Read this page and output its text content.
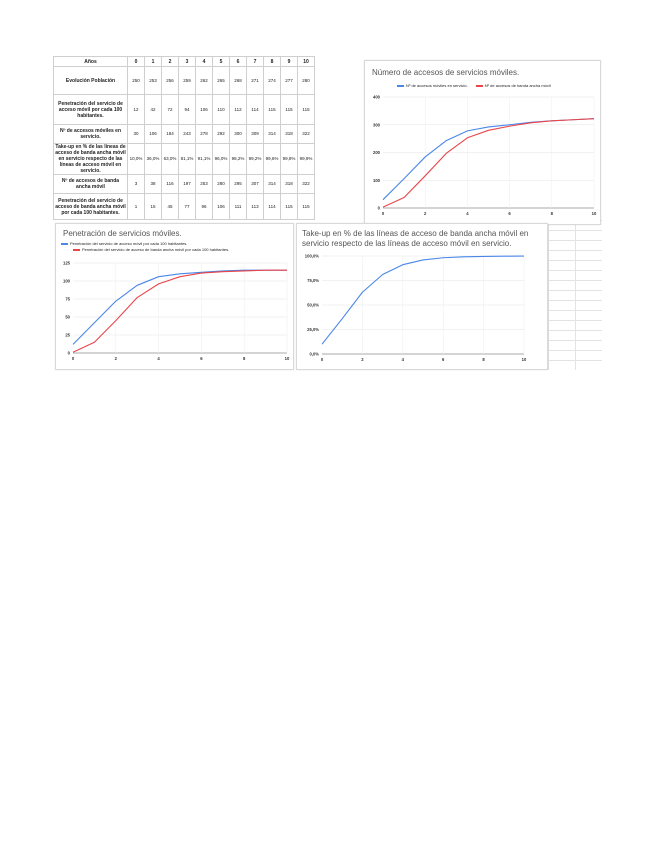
Años	0	1	2	3	4	5	6	7	8	9	10
Evolución Población	250	253	256	259	262	265	268	271	274	277	280
Penetración del servicio de acceso móvil por cada 100 habitantes.	12	42	72	94	106	110	112	114	115	115	115
Nº de accesos móviles en servicio.	30	106	184	243	278	292	300	309	314	318	322
Take-up en % de las líneas de acceso de banda ancha móvil en servicio respecto de las líneas de acceso móvil en servicio.	10,0%	36,0%	63,0%	81,1%	91,1%	96,0%	98,2%	99,2%	99,6%	99,8%	99,9%
Nº de accesos de banda ancha móvil	3	38	116	197	253	280	295	307	314	318	322
Penetración del servicio de acceso de banda ancha móvil por cada 100 habitantes.	1	15	45	77	96	106	111	113	114	115	115
Número de accesos de servicios móviles.
Nº de accesos móviles en servicio.	Nº de accesos de banda ancha móvil
0
100
200
300
400
0	2	4	6	8	10
Penetración de servicios móviles.
Penetración del servicio de acceso móvil por cada 100 habitantes.
Penetración del servicio de acceso de banda ancha móvil por cada 100 habitantes.
0
25
50
75
100
125
0	2	4	6	8	10
Take-up en % de las líneas de acceso de banda ancha móvil en servicio respecto de las líneas de acceso móvil en servicio.
0,0%
25,0%
50,0%
75,0%
100,0%
0	2	4	6	8	10
